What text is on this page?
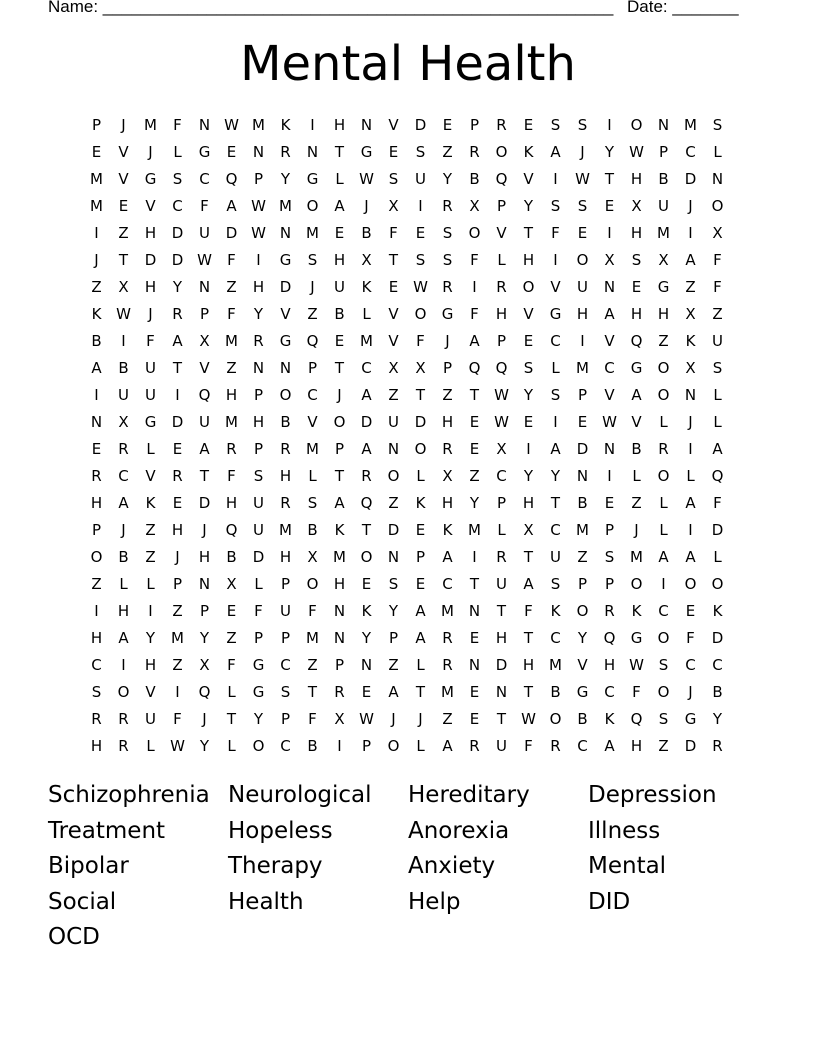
Name: ______________________________________________________ Date: _______
Mental Health
P	J	M	F	N W M	K	I	H	N	V	D	E	P	R	E	S	S	I	O	N M	S
E	V	J	L	G	E	N	R	N	T	G	E	S	Z	R	O	K	A	J	Y	W	P	C	L
M	V	G	S	C	Q	P	Y	G	L	W S	U	Y	B	Q	V	I	W T	H	B	D	N
M	E	V	C	F	A W M O	A	J	X	I	R	X	P	Y	S	S	E	X	U	J	O
I	Z	H	D	U	D W N M	E	B	F	E	S	O	V	T	F	E	I	H M	I	X
J	T	D	D W	F	I	G	S	H	X	T	S	S	F	L	H	I	O	X	S	X	A	F
Z	X	H	Y	N	Z	H	D	J	U	K	E W R	I	R	O	V	U	N	E	G	Z	F
K W	J	R	P	F	Y	V	Z	B	L	V	O	G	F	H	V	G	H	A	H	H	X	Z
B	I	F	A	X	M	R	G	Q	E	M	V	F	J	A	P	E	C	I	V	Q	Z	K	U
A	B	U	T	V	Z	N	N	P	T	C	X	X	P	Q	Q	S	L	M	C	G	O	X	S
I	U	U	I	Q	H	P	O	C	J	A	Z	T	Z	T	W Y	S	P	V	A	O	N	L
N	X	G	D	U	M H	B	V	O	D	U	D	H	E W E	I	E W V	L	J	L
E	R	L	E	A	R	P	R	M	P	A	N	O	R	E	X	I	A	D	N	B	R	I	A
R	C	V	R	T	F	S	H	L	T	R	O	L	X	Z	C	Y	Y	N	I	L	O	L	Q
H	A	K	E	D	H	U	R	S	A	Q	Z	K	H	Y	P	H	T	B	E	Z	L	A	F
P	J	Z	H	J	Q	U	M	B	K	T	D	E	K	M	L	X	C	M	P	J	L	I	D
O	B	Z	J	H	B	D	H	X	M O	N	P	A	I	R	T	U	Z	S	M	A	A	L
Z	L	L	P	N	X	L	P	O	H	E	S	E	C	T	U	A	S	P	P	O	I	O	O
I	H	I	Z	P	E	F	U	F	N	K	Y	A	M N	T	F	K	O	R	K	C	E	K
H	A	Y	M	Y	Z	P	P	M N	Y	P	A	R	E	H	T	C	Y	Q	G	O	F	D
C	I	H	Z	X	F	G	C	Z	P	N	Z	L	R	N	D	H M	V	H W S	C	C
S	O	V	I	Q	L	G	S	T	R	E	A	T	M	E	N	T	B	G	C	F	O	J	B
R	R	U	F	J	T	Y	P	F	X W	J	J	Z	E	T	W O	B	K	Q	S	G	Y
H	R	L	W Y	L	O	C	B	I	P	O	L	A	R	U	F	R	C	A	H	Z	D	R
Schizophrenia Neurological	Hereditary	Depression
Treatment	Hopeless	Anorexia	Illness
Bipolar	Therapy	Anxiety	Mental
Social	Health	Help	DID
OCD
